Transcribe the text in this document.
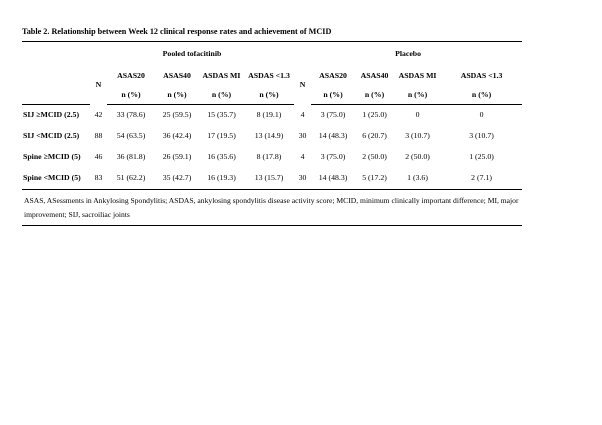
Table 2. Relationship between Week 12 clinical response rates and achievement of MCID
	Pooled tofacitinib					Placebo				
	N	ASAS20	ASAS40	ASDAS MI	ASDAS <1.3	N	ASAS20	ASAS40	ASDAS MI	ASDAS <1.3
		n (%)	n (%)	n (%)	n (%)		n (%)	n (%)	n (%)	n (%)
SIJ ≥MCID (2.5)	42	33 (78.6)	25 (59.5)	15 (35.7)	8 (19.1)	4	3 (75.0)	1 (25.0)	0	0
SIJ <MCID (2.5)	88	54 (63.5)	36 (42.4)	17 (19.5)	13 (14.9)	30	14 (48.3)	6 (20.7)	3 (10.7)	3 (10.7)
Spine ≥MCID (5)	46	36 (81.8)	26 (59.1)	16 (35.6)	8 (17.8)	4	3 (75.0)	2 (50.0)	2 (50.0)	1 (25.0)
Spine <MCID (5)	83	51 (62.2)	35 (42.7)	16 (19.3)	13 (15.7)	30	14 (48.3)	5 (17.2)	1 (3.6)	2 (7.1)
ASAS, ASessments in Ankylosing Spondylitis; ASDAS, ankylosing spondylitis disease activity score; MCID, minimum clinically important difference; MI, major improvement; SIJ, sacroiliac joints										
